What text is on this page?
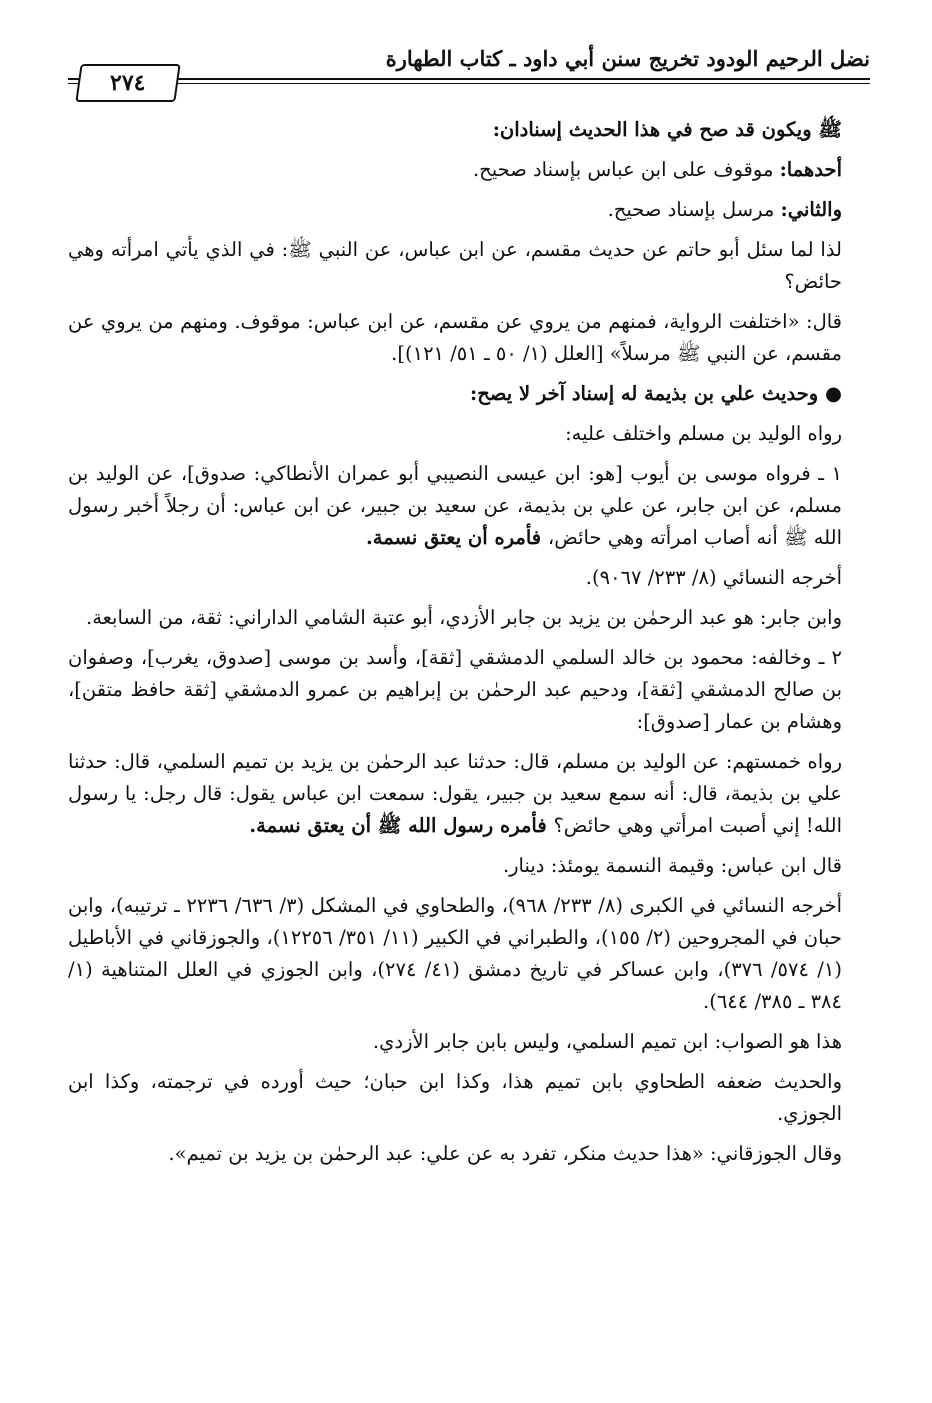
نضل الرحيم الودود تخريج سنن أبي داود ـ كتاب الطهارة
٢٧٤

ﷺ ويكون قد صح في هذا الحديث إسنادان:

أحدهما: موقوف على ابن عباس بإسناد صحيح.

والثاني: مرسل بإسناد صحيح.

لذا لما سئل أبو حاتم عن حديث مقسم، عن ابن عباس، عن النبي ﷺ: في الذي يأتي امرأته وهي حائض؟

قال: «اختلفت الرواية، فمنهم من يروي عن مقسم، عن ابن عباس: موقوف. ومنهم من يروي عن مقسم، عن النبي ﷺ مرسلاً» [العلل (١/ ٥٠ ـ ٥١/ ١٢١)].

● وحديث علي بن بذيمة له إسناد آخر لا يصح:

رواه الوليد بن مسلم واختلف عليه:

١ ـ فرواه موسى بن أيوب [هو: ابن عيسى النصيبي أبو عمران الأنطاكي: صدوق]، عن الوليد بن مسلم، عن ابن جابر، عن علي بن بذيمة، عن سعيد بن جبير، عن ابن عباس: أن رجلاً أخبر رسول الله ﷺ أنه أصاب امرأته وهي حائض، فأمره أن يعتق نسمة.

أخرجه النسائي (٨/ ٢٣٣/ ٩٠٦٧).

وابن جابر: هو عبد الرحمٰن بن يزيد بن جابر الأزدي، أبو عتبة الشامي الداراني: ثقة، من السابعة.

٢ ـ وخالفه: محمود بن خالد السلمي الدمشقي [ثقة]، وأسد بن موسى [صدوق، يغرب]، وصفوان بن صالح الدمشقي [ثقة]، ودحيم عبد الرحمٰن بن إبراهيم بن عمرو الدمشقي [ثقة حافظ متقن]، وهشام بن عمار [صدوق]:

رواه خمستهم: عن الوليد بن مسلم، قال: حدثنا عبد الرحمٰن بن يزيد بن تميم السلمي، قال: حدثنا علي بن بذيمة، قال: أنه سمع سعيد بن جبير، يقول: سمعت ابن عباس يقول: قال رجل: يا رسول الله! إني أصبت امرأتي وهي حائض؟ فأمره رسول الله ﷺ أن يعتق نسمة.

قال ابن عباس: وقيمة النسمة يومئذ: دينار.

أخرجه النسائي في الكبرى (٨/ ٢٣٣/ ٩٦٨)، والطحاوي في المشكل (٣/ ٦٣٦/ ٢٢٣٦ ـ ترتيبه)، وابن حبان في المجروحين (٢/ ١٥٥)، والطبراني في الكبير (١١/ ٣٥١/ ١٢٢٥٦)، والجوزقاني في الأباطيل (١/ ٥٧٤/ ٣٧٦)، وابن عساكر في تاريخ دمشق (٤١/ ٢٧٤)، وابن الجوزي في العلل المتناهية (١/ ٣٨٤ ـ ٣٨٥/ ٦٤٤).

هذا هو الصواب: ابن تميم السلمي، وليس بابن جابر الأزدي.

والحديث ضعفه الطحاوي بابن تميم هذا، وكذا ابن حبان؛ حيث أورده في ترجمته، وكذا ابن الجوزي.

وقال الجوزقاني: «هذا حديث منكر، تفرد به عن علي: عبد الرحمٰن بن يزيد بن تميم».
